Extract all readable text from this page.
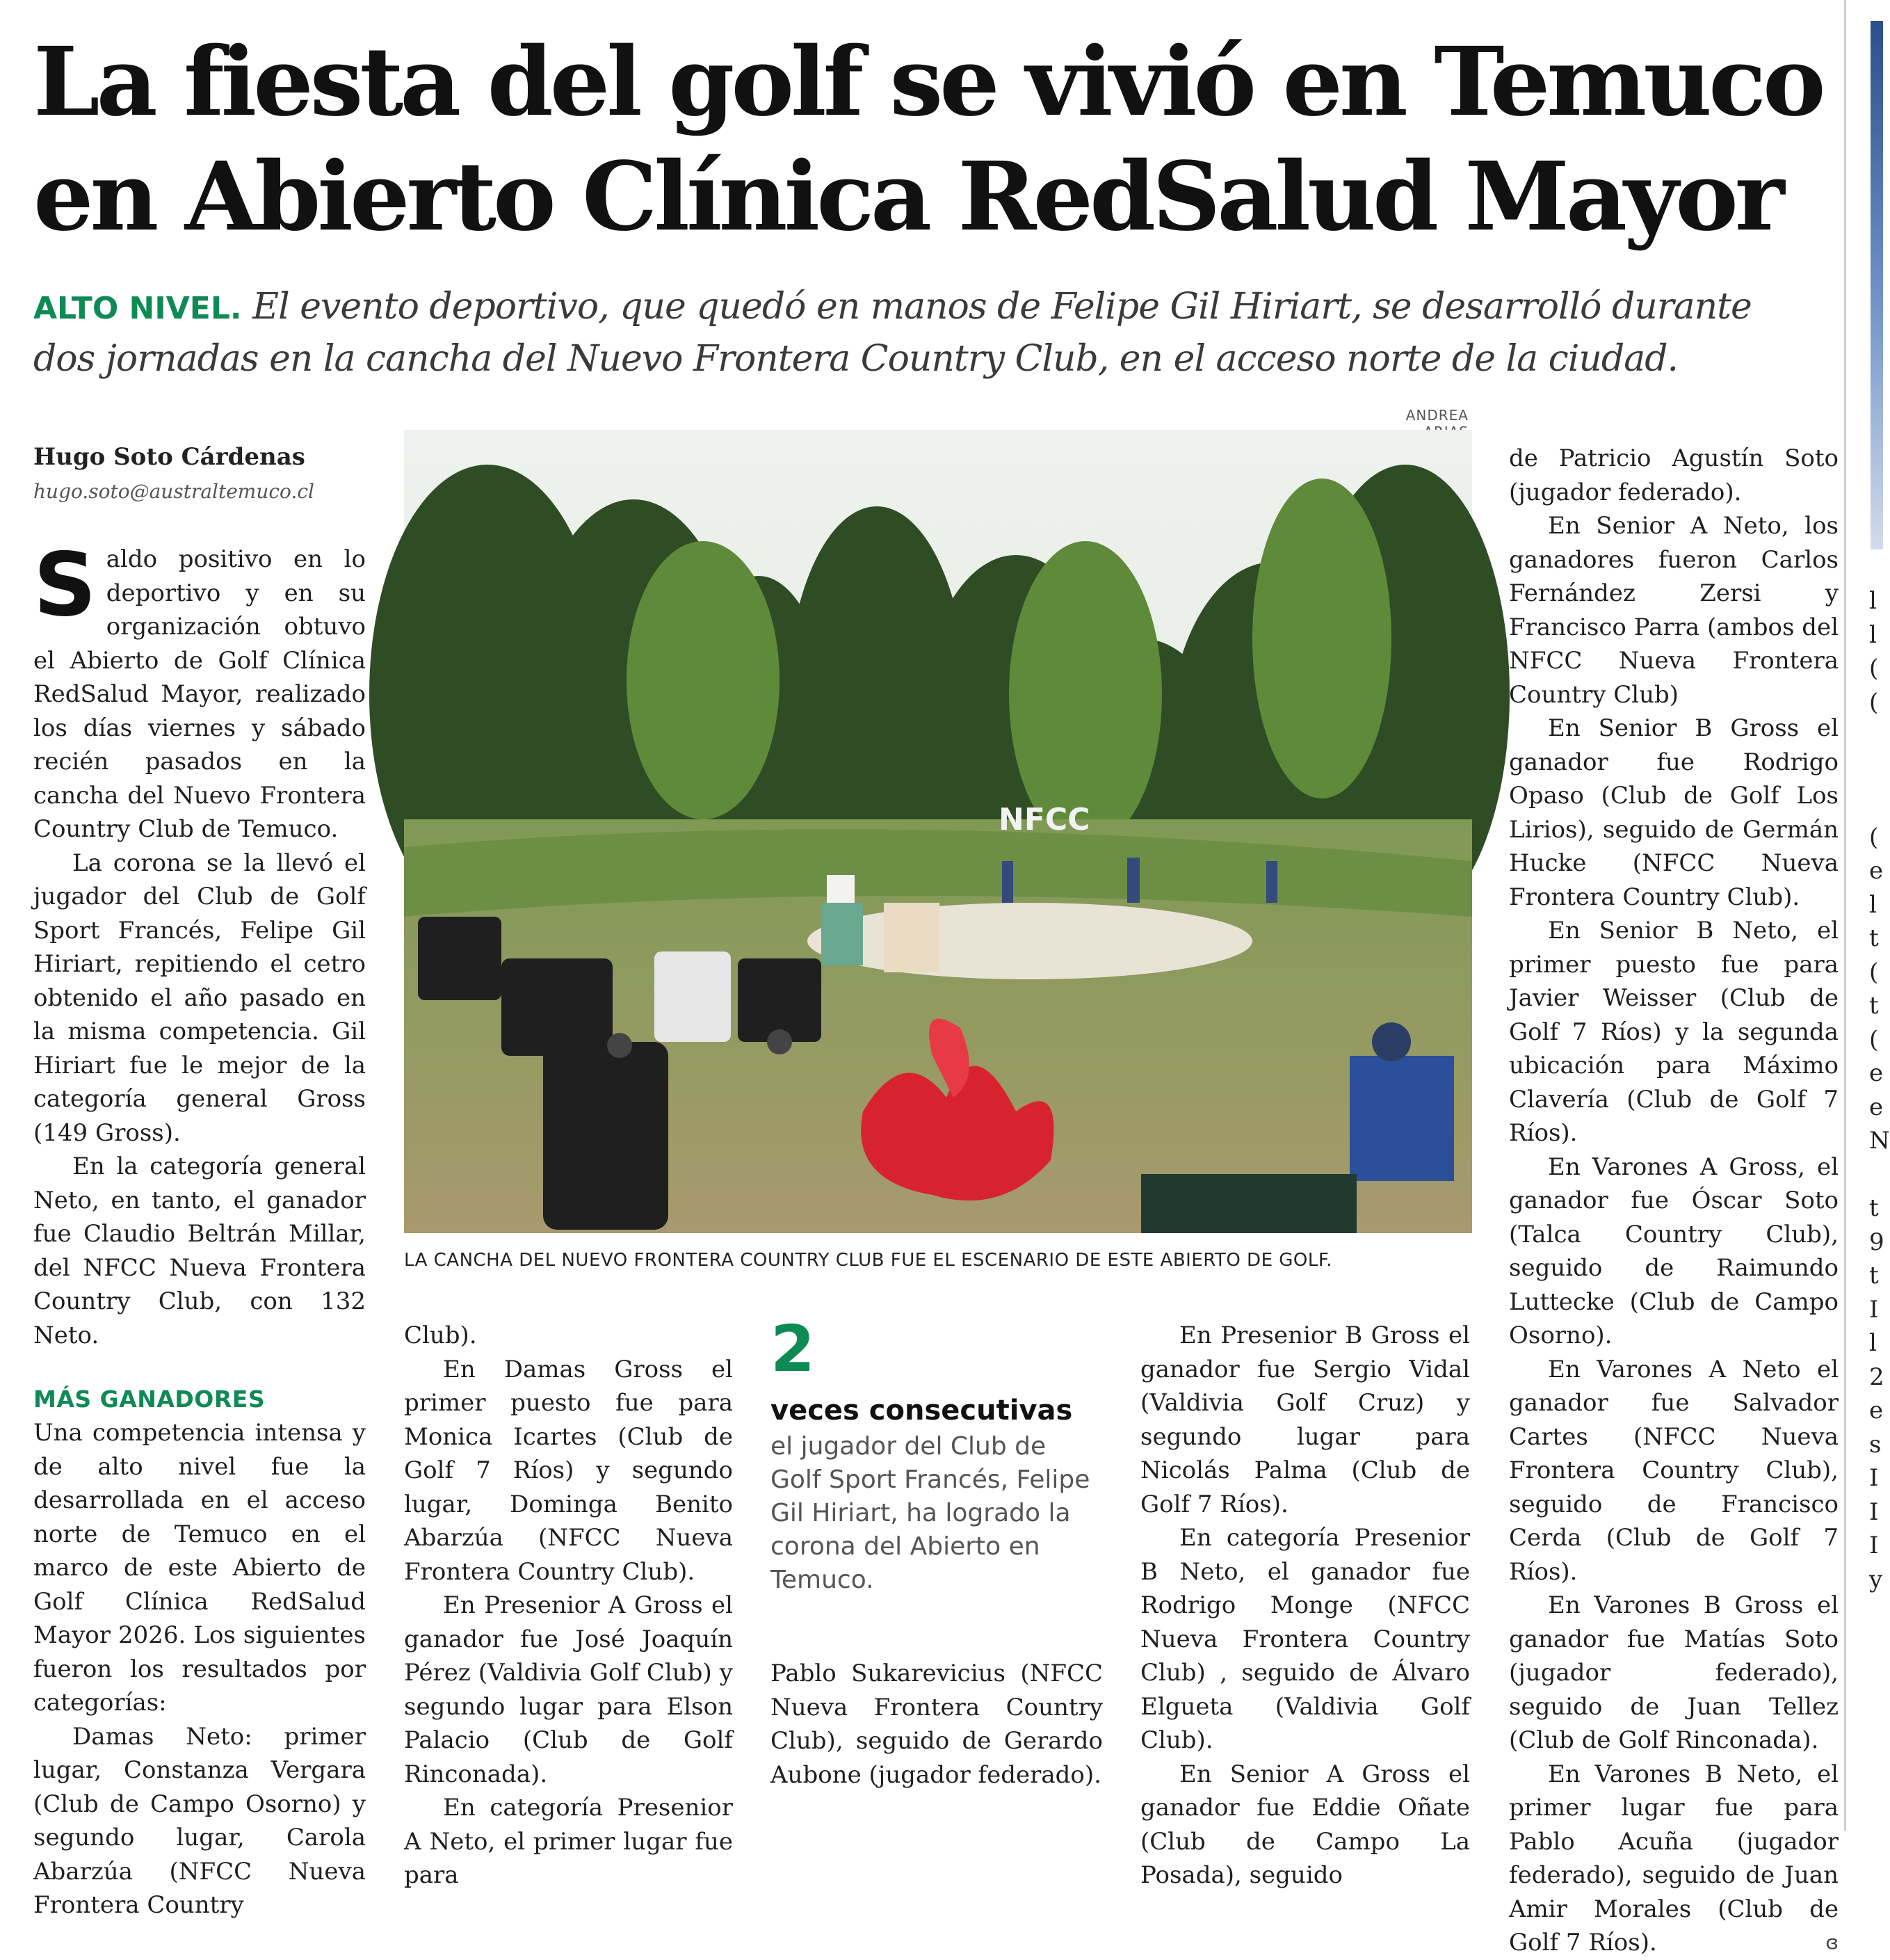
La fiesta del golf se vivió en Temuco
en Abierto Clínica RedSalud Mayor
ALTO NIVEL. El evento deportivo, que quedó en manos de Felipe Gil Hiriart, se desarrolló durante dos jornadas en la cancha del Nuevo Frontera Country Club, en el acceso norte de la ciudad.
Hugo Soto Cárdenas
hugo.soto@australtemuco.cl

Saldo positivo en lo deportivo y en su organización obtuvo el Abierto de Golf Clínica RedSalud Mayor, realizado los días viernes y sábado recién pasados en la cancha del Nuevo Frontera Country Club de Temuco.

La corona se la llevó el jugador del Club de Golf Sport Francés, Felipe Gil Hiriart, repitiendo el cetro obtenido el año pasado en la misma competencia. Gil Hiriart fue le mejor de la categoría general Gross (149 Gross).

En la categoría general Neto, en tanto, el ganador fue Claudio Beltrán Millar, del NFCC Nueva Frontera Country Club, con 132 Neto.

MÁS GANADORES

Una competencia intensa y de alto nivel fue la desarrollada en el acceso norte de Temuco en el marco de este Abierto de Golf Clínica RedSalud Mayor 2026. Los siguientes fueron los resultados por categorías:

Damas Neto: primer lugar, Constanza Vergara (Club de Campo Osorno) y segundo lugar, Carola Abarzúa (NFCC Nueva Frontera Country

ANDREA
NFCC
LA CANCHA DEL NUEVO FRONTERA COUNTRY CLUB FUE EL ESCENARIO DE ESTE ABIERTO DE GOLF.

Club).

En Damas Gross el primer puesto fue para Monica Icartes (Club de Golf 7 Ríos) y segundo lugar, Dominga Benito Abarzúa (NFCC Nueva Frontera Country Club).

En Presenior A Gross el ganador fue José Joaquín Pérez (Valdivia Golf Club) y segundo lugar para Elson Palacio (Club de Golf Rinconada).

En categoría Presenior A Neto, el primer lugar fue para

2
veces consecutivas
el jugador del Club de Golf Sport Francés, Felipe Gil Hiriart, ha logrado la corona del Abierto en Temuco.

Pablo Sukarevicius (NFCC Nueva Frontera Country Club), seguido de Gerardo Aubone (jugador federado).

En Presenior B Gross el ganador fue Sergio Vidal (Valdivia Golf Cruz) y segundo lugar para Nicolás Palma (Club de Golf 7 Ríos).

En categoría Presenior B Neto, el ganador fue Rodrigo Monge (NFCC Nueva Frontera Country Club) , seguido de Álvaro Elgueta (Valdivia Golf Club).

En Senior A Gross el ganador fue Eddie Oñate (Club de Campo La Posada), seguido

de Patricio Agustín Soto (jugador federado).

En Senior A Neto, los ganadores fueron Carlos Fernández Zersi y Francisco Parra (ambos del NFCC Nueva Frontera Country Club)

En Senior B Gross el ganador fue Rodrigo Opaso (Club de Golf Los Lirios), seguido de Germán Hucke (NFCC Nueva Frontera Country Club).

En Senior B Neto, el primer puesto fue para Javier Weisser (Club de Golf 7 Ríos) y la segunda ubicación para Máximo Clavería (Club de Golf 7 Ríos).

En Varones A Gross, el ganador fue Óscar Soto (Talca Country Club), seguido de Raimundo Luttecke (Club de Campo Osorno).

En Varones A Neto el ganador fue Salvador Cartes (NFCC Nueva Frontera Country Club), seguido de Francisco Cerda (Club de Golf 7 Ríos).

En Varones B Gross el ganador fue Matías Soto (jugador federado), seguido de Juan Tellez (Club de Golf Rinconada).

En Varones B Neto, el primer lugar fue para Pablo Acuña (jugador federado), seguido de Juan Amir Morales (Club de Golf 7 Ríos).	ɞ

l
l
(
(

(
e
l
t
(
t
(
e
e
N

t
9
t
I
l
2
e
s
I
I
I
y
